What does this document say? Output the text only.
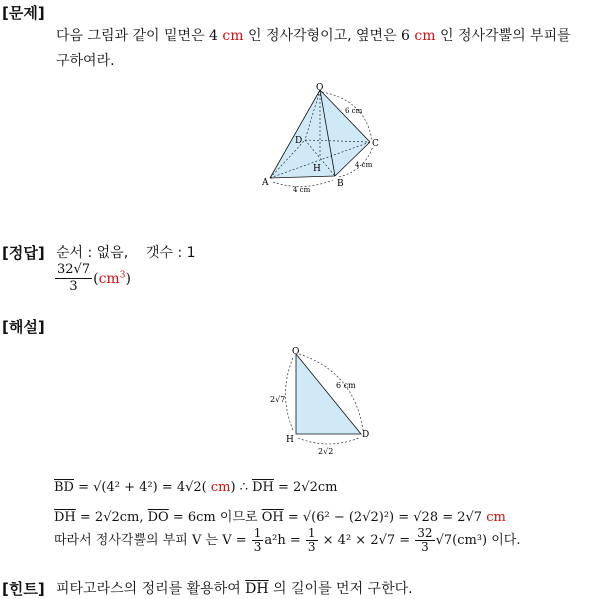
[문제]
다음 그림과 같이 밑면은 4 cm 인 정사각형이고, 옆면은 6 cm 인 정사각뿔의 부피를
구하여라.
O
A	B
C
D
H
6 cm
4 cm
4 cm
[정답] 순서 : 없음, 갯수 : 1
$\frac{32√7}{3} (cm^3)$
[해설]
O
H	D
6 cm
2√7
2√2
$\overline{BD} = √(4^2 + 4^2) = 4√2$( cm) ∴ $\overline{DH} = 2√2cm$
$\overline{DH} = 2√2cm$, $\overline{DO} = 6cm$ 이므로 $\overline{OH} = √(6^2 - (2√2)^2) = √28 = 2√7$ cm
따라서 정사각뿔의 부피 V 는 $V = \frac{1}{3} a^2h = \frac{1}{3} \times 4^2 \times 2√7 = \frac{32}{3} √7(cm^3)$ 이다.
[힌트] 피타고라스의 정리를 활용하여 $\overline{DH}$ 의 길이를 먼저 구한다.
